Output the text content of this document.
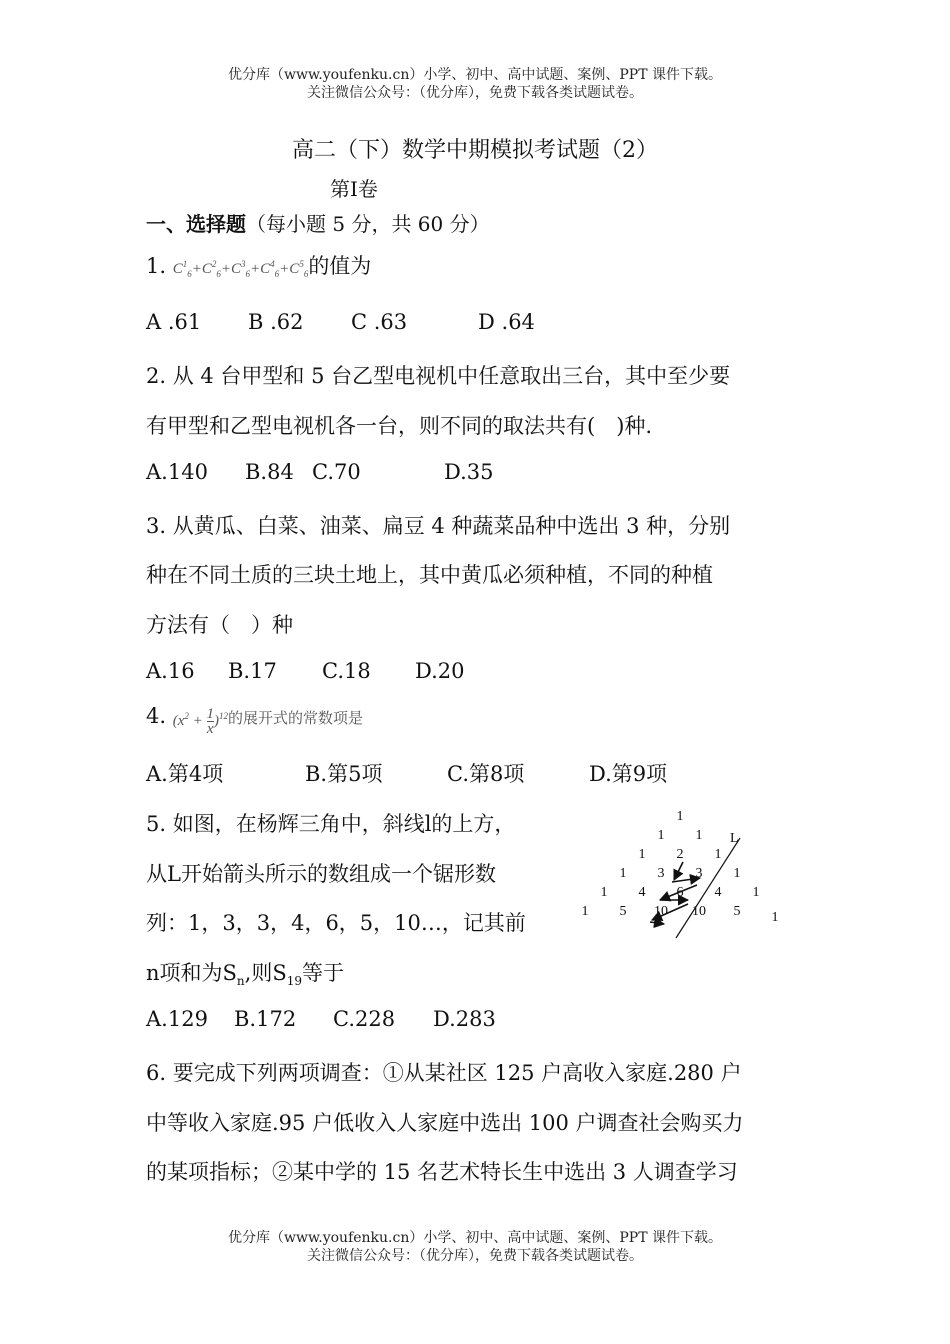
优分库（www.youfenku.cn）小学、初中、高中试题、案例、PPT 课件下载。
关注微信公众号：（优分库），免费下载各类试题试卷。
高二（下）数学中期模拟考试题（2）
第Ⅰ卷
一、选择题（每小题 5 分，共 60 分）
1. $C^1_6+C^2_6+C^3_6+C^4_6+C^5_6$的值为
A .61 B .62 C .63	D .64
2. 从 4 台甲型和 5 台乙型电视机中任意取出三台，其中至少要
有甲型和乙型电视机各一台，则不同的取法共有(　)种.
A.140 B.84 C.70	D.35
3. 从黄瓜、白菜、油菜、扁豆 4 种蔬菜品种中选出 3 种，分别
种在不同土质的三块土地上，其中黄瓜必须种植，不同的种植
方法有（　）种
A.16 B.17 C.18 D.20
4. $(x^2 + \frac{1}{x} )^{12}$的展开式的常数项是
A.第4项	B.第5项	C.第8项	D.第9项
5. 如图，在杨辉三角中，斜线l的上方，
从L开始箭头所示的数组成一个锯形数
列：1，3，3，4，6，5，10…，记其前
n项和为$S_n$,则$S_{19}$等于
A.129 B.172 C.228 D.283
L
1
1 1
1 2 1
1 3 3 1
1 4 6 4 1
1 5 10 10 5 1
6. 要完成下列两项调查：①从某社区 125 户高收入家庭.280 户
中等收入家庭.95 户低收入人家庭中选出 100 户调查社会购买力
的某项指标；②某中学的 15 名艺术特长生中选出 3 人调查学习
优分库（www.youfenku.cn）小学、初中、高中试题、案例、PPT 课件下载。
关注微信公众号：（优分库），免费下载各类试题试卷。
